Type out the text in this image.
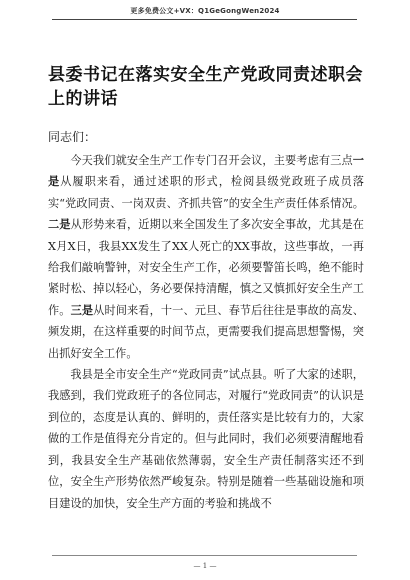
更多免费公文+VX：Q1GeGongWen2024
县委书记在落实安全生产党政同责述职会上的讲话

同志们：

今天我们就安全生产工作专门召开会议，主要考虑有三点一是从履职来看，通过述职的形式，检阅县级党政班子成员落实“党政同责、一岗双责、齐抓共管”的安全生产责任体系情况。二是从形势来看，近期以来全国发生了多次安全事故，尤其是在X月X日，我县XX发生了XX人死亡的XX事故，这些事故，一再给我们敲响警钟，对安全生产工作，必须要警笛长鸣，绝不能时紧时松、掉以轻心，务必要保持清醒，慎之又慎抓好安全生产工作。三是从时间来看，十一、元旦、春节后往往是事故的高发、频发期，在这样重要的时间节点，更需要我们提高思想警惕，突出抓好安全工作。

我县是全市安全生产“党政同责”试点县。听了大家的述职，我感到，我们党政班子的各位同志，对履行“党政同责”的认识是到位的，态度是认真的、鲜明的，责任落实是比较有力的，大家做的工作是值得充分肯定的。但与此同时，我们必须要清醒地看到，我县安全生产基础依然薄弱，安全生产责任制落实还不到位，安全生产形势依然严峻复杂。特别是随着一些基础设施和项目建设的加快，安全生产方面的考验和挑战不

— 1 —
